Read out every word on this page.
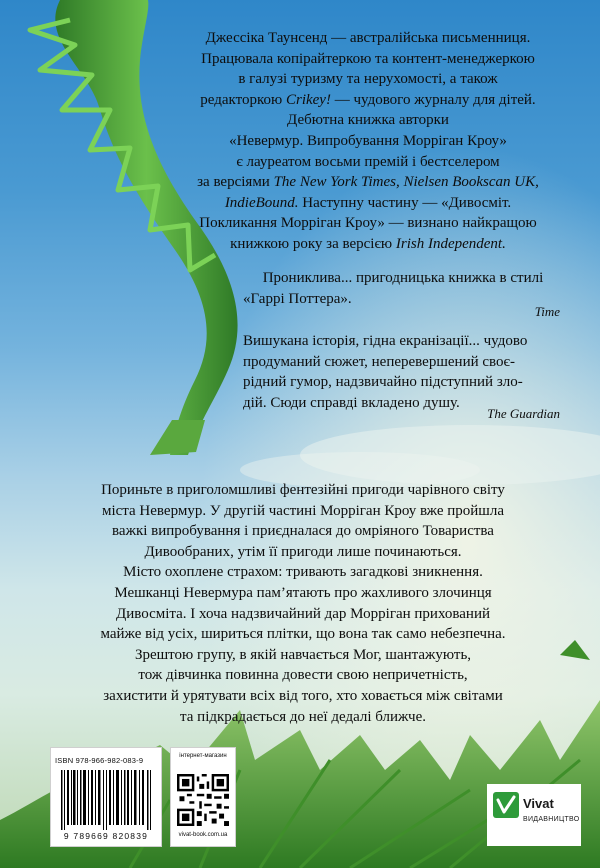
Джессіка Таунсенд — австралійська письменниця.
Працювала копірайтеркою та контент-менеджеркою
в галузі туризму та нерухомості, а також
редакторкою Crikey! — чудового журналу для дітей.
Дебютна книжка авторки
«Невермур. Випробування Морріган Кроу»
є лауреатом восьми премій і бестселером
за версіями The New York Times, Nielsen Bookscan UK,
IndieBound. Наступну частину — «Дивосміт.
Покликання Морріган Кроу» — визнано найкращою
книжкою року за версією Irish Independent.
Прониклива... пригодницька книжка в стилі
«Гаррі Поттера».
Time
Вишукана історія, гідна екранізації... чудово
продуманий сюжет, неперевершений своє-
рідний гумор, надзвичайно підступний зло-
дій. Сюди справді вкладено душу.
The Guardian

Пориньте в приголомшливі фентезійні пригоди чарівного світу

міста Невермур. У другій частині Морріган Кроу вже пройшла

важкі випробування і приєдналася до омріяного Товариства

Дивообраних, утім її пригоди лише починаються.

Місто охоплене страхом: тривають загадкові зникнення.

Мешканці Невермура пам’ятають про жахливого злочинця

Дивосміта. І хоча надзвичайний дар Морріган прихований

майже від усіх, шириться плітки, що вона так само небезпечна.

Зрештою групу, в якій навчається Мог, шантажують,

тож дівчинка повинна довести свою непричетність,

захистити й урятувати всіх від того, хто ховається між світами

та підкрадається до неї дедалі ближче.

ISBN 978-966-982-083-9
9 789669 820839
інтернет-магазин
vivat-book.com.ua
Vivat
ВИДАВНИЦТВО
